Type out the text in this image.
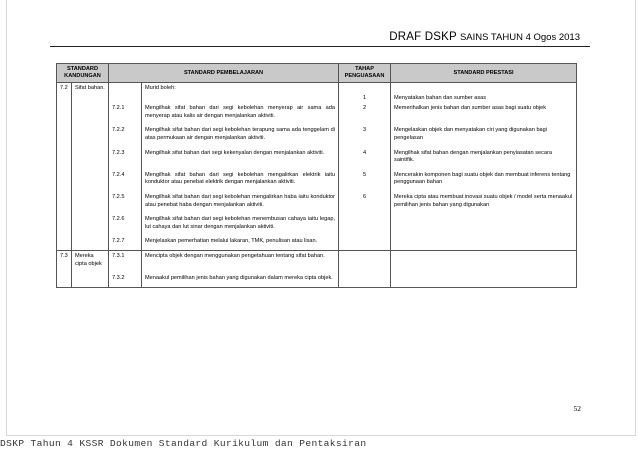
DRAF DSKP SAINS TAHUN 4 Ogos 2013
STANDARD KANDUNGAN		STANDARD PEMBELAJARAN		TAHAP PENGUASAAN	STANDARD PRESTASI
7.2	Sifat bahan.		Murid boleh:		
				1	Menyatakan bahan dan sumber asas
		7.2.1	Mengilhak sifat bahan dari segi kebolehan menyerap air sama ada menyerap atau kalis air dengan menjalankan aktiviti.	2	Memerihalkan jenis bahan dan sumber asas bagi suatu objek

		7.2.2	Mengilhak sifat bahan dari segi kebolehan terapung sama ada tenggelam di atas permukaan air dengan menjalankan aktiviti.	3	Mengelaskan objek dan menyatakan ciri yang digunakan bagi pengelasan

		7.2.3	Mengilhak sifat bahan dari segi kekenyalan dengan menjalankan aktiviti.	4	Mengilhak sifat bahan dengan menjalankan penyiasatan secara saintifik.

		7.2.4	Mengilhak sifat bahan dari segi kebolehan mengalirkan elektrik iaitu konduktor atau penebat elektrik dengan menjalankan aktiviti.	5	Mencerakin komponen bagi suatu objek dan membuat inferens tentang penggunaan bahan

		7.2.5	Mengilhak sifat bahan dari segi kebolehan mengalirkan haba iaitu konduktor atau penebat haba dengan menjalankan aktiviti.	6	Mereka cipta atau membuat inovasi suatu objek / model serta menaakul pemilihan jenis bahan yang digunakan

		7.2.6	Mengilhak sifat bahan dari segi kebolehan menembusan cahaya iaitu legap, lut cahaya dan lut sinar dengan menjalankan aktiviti.		

		7.2.7	Menjelaskan pemerhatian melalui lakaran, TMK, penulisan atau lisan.		
7.3	Mereka cipta objek	7.3.1	Mencipta objek dengan menggunakan pengetahuan tentang sifat bahan.		

		7.3.2	Menaakul pemilihan jenis bahan yang digunakan dalam mereka cipta objek.		
52
DSKP Tahun 4 KSSR Dokumen Standard Kurikulum dan Pentaksiran
